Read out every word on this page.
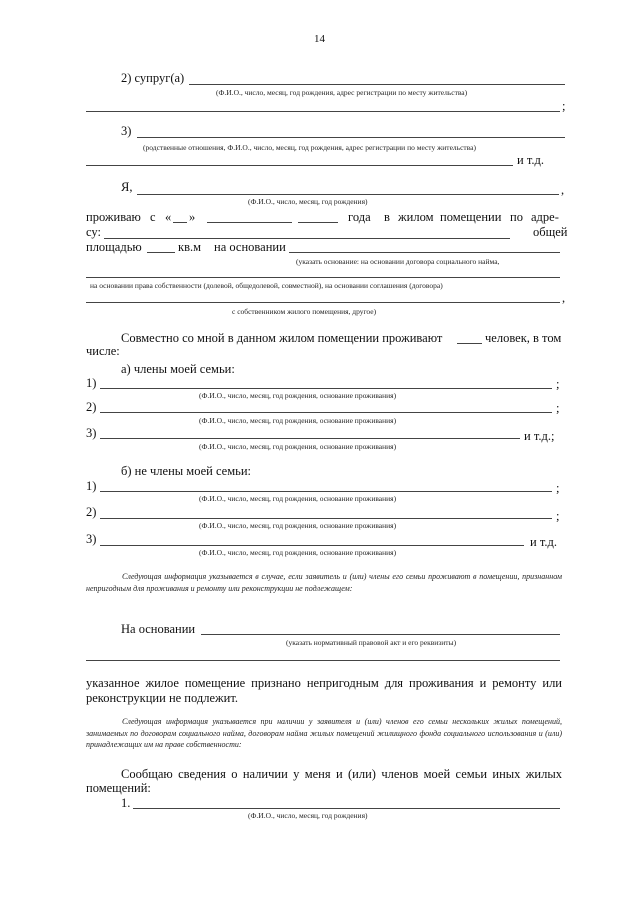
14
2) супруг(а)
(Ф.И.О., число, месяц, год рождения, адрес регистрации по месту жительства)
;
3)
(родственные отношения, Ф.И.О., число, месяц, год рождения, адрес регистрации по месту жительства)
и т.д.
Я,	,
(Ф.И.О., число, месяц, год рождения)
проживаю с « »	года в жилом помещении по адре-
су:	общей
площадью	кв.м на основании
(указать основание: на основании договора социального найма,
на основании права собственности (долевой, общедолевой, совместной), на основании соглашения (договора)
,
с собственником жилого помещения, другое)
Совместно со мной в данном жилом помещении проживают	человек, в том
числе:
а) члены моей семьи:
1)	;
(Ф.И.О., число, месяц, год рождения, основание проживания)
2)	;
(Ф.И.О., число, месяц, год рождения, основание проживания)
3)	и т.д.;
(Ф.И.О., число, месяц, год рождения, основание проживания)
б) не члены моей семьи:
1)	;
(Ф.И.О., число, месяц, год рождения, основание проживания)
2)	;
(Ф.И.О., число, месяц, год рождения, основание проживания)
3)	и т.д.
(Ф.И.О., число, месяц, год рождения, основание проживания)
Следующая информация указывается в случае, если заявитель и (или) члены его семьи проживают в помещении, признанном непригодным для проживания и ремонту или реконструкции не подлежащем:
На основании
(указать нормативный правовой акт и его реквизиты)
указанное жилое помещение признано непригодным для проживания и ремонту или реконструкции не подлежит.
Следующая информация указывается при наличии у заявителя и (или) членов его семьи нескольких жилых помещений, занимаемых по договорам социального найма, договорам найма жилых помещений жилищного фонда социального использования и (или) принадлежащих им на праве собственности:
Сообщаю сведения о наличии у меня и (или) членов моей семьи иных жилых помещений:
1.
(Ф.И.О., число, месяц, год рождения)
